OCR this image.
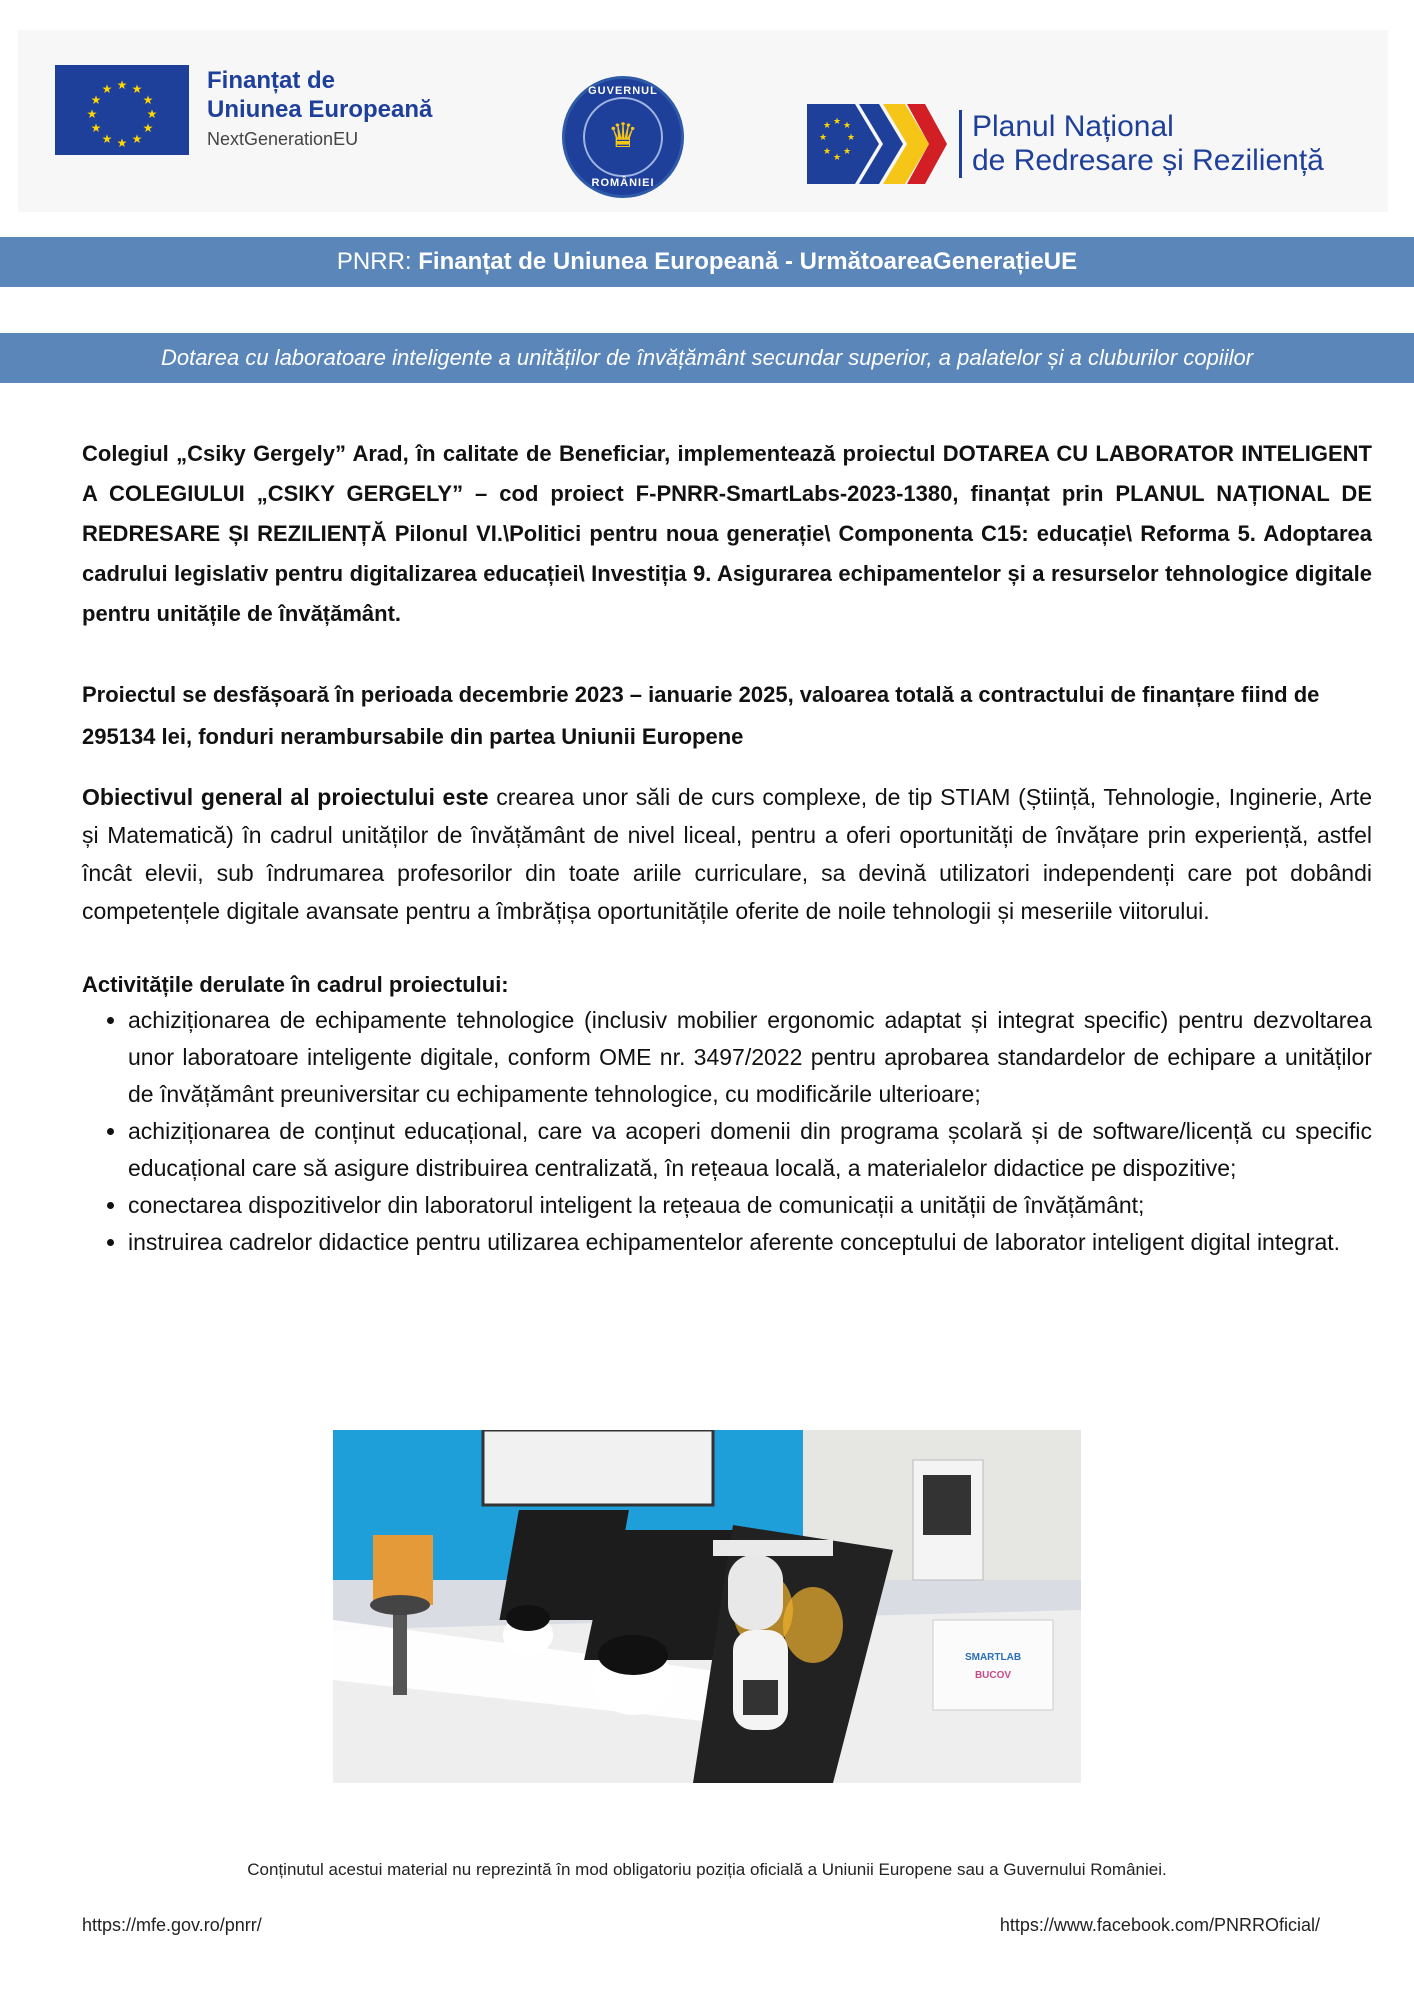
★ ★
★
★
★
★
★
★
★
★
★
★	Finanțat de
Uniunea Europeană
NextGenerationEU
GUVERNUL
♛
ROMÂNIEI
★ ★
★
★
★
★
★
★	Planul Național
de Redresare și Reziliență
PNRR: Finanțat de Uniunea Europeană - UrmătoareaGenerațieUE
Dotarea cu laboratoare inteligente a unităților de învățământ secundar superior, a palatelor și a cluburilor copiilor

Colegiul „Csiky Gergely” Arad, în calitate de Beneficiar, implementează proiectul DOTAREA CU LABORATOR INTELIGENT A COLEGIULUI „CSIKY GERGELY” – cod proiect F-PNRR-SmartLabs-2023-1380, finanțat prin PLANUL NAȚIONAL DE REDRESARE ȘI REZILIENȚĂ Pilonul VI.\Politici pentru noua generație\ Componenta C15: educație\ Reforma 5. Adoptarea cadrului legislativ pentru digitalizarea educației\ Investiția 9. Asigurarea echipamentelor și a resurselor tehnologice digitale pentru unitățile de învățământ.

Proiectul se desfășoară în perioada decembrie 2023 – ianuarie 2025, valoarea totală a contractului de finanțare fiind de 295134 lei, fonduri nerambursabile din partea Uniunii Europene

Obiectivul general al proiectului este crearea unor săli de curs complexe, de tip STIAM (Știință, Tehnologie, Inginerie, Arte și Matematică) în cadrul unităților de învățământ de nivel liceal, pentru a oferi oportunități de învățare prin experiență, astfel încât elevii, sub îndrumarea profesorilor din toate ariile curriculare, sa devină utilizatori independenți care pot dobândi competențele digitale avansate pentru a îmbrățișa oportunitățile oferite de noile tehnologii și meseriile viitorului.

Activitățile derulate în cadrul proiectului:
• achiziționarea de echipamente tehnologice (inclusiv mobilier ergonomic adaptat și integrat specific) pentru dezvoltarea unor laboratoare inteligente digitale, conform OME nr. 3497/2022 pentru aprobarea standardelor de echipare a unităților de învățământ preuniversitar cu echipamente tehnologice, cu modificările ulterioare;
• achiziționarea de conținut educațional, care va acoperi domenii din programa școlară și de software/licență cu specific educațional care să asigure distribuirea centralizată, în rețeaua locală, a materialelor didactice pe dispozitive;
• conectarea dispozitivelor din laboratorul inteligent la rețeaua de comunicații a unității de învățământ;
• instruirea cadrelor didactice pentru utilizarea echipamentelor aferente conceptului de laborator inteligent digital integrat.
SMARTLAB
BUCOV
Conținutul acestui material nu reprezintă în mod obligatoriu poziția oficială a Uniunii Europene sau a Guvernului României.
https://mfe.gov.ro/pnrr/	https://www.facebook.com/PNRROficial/
